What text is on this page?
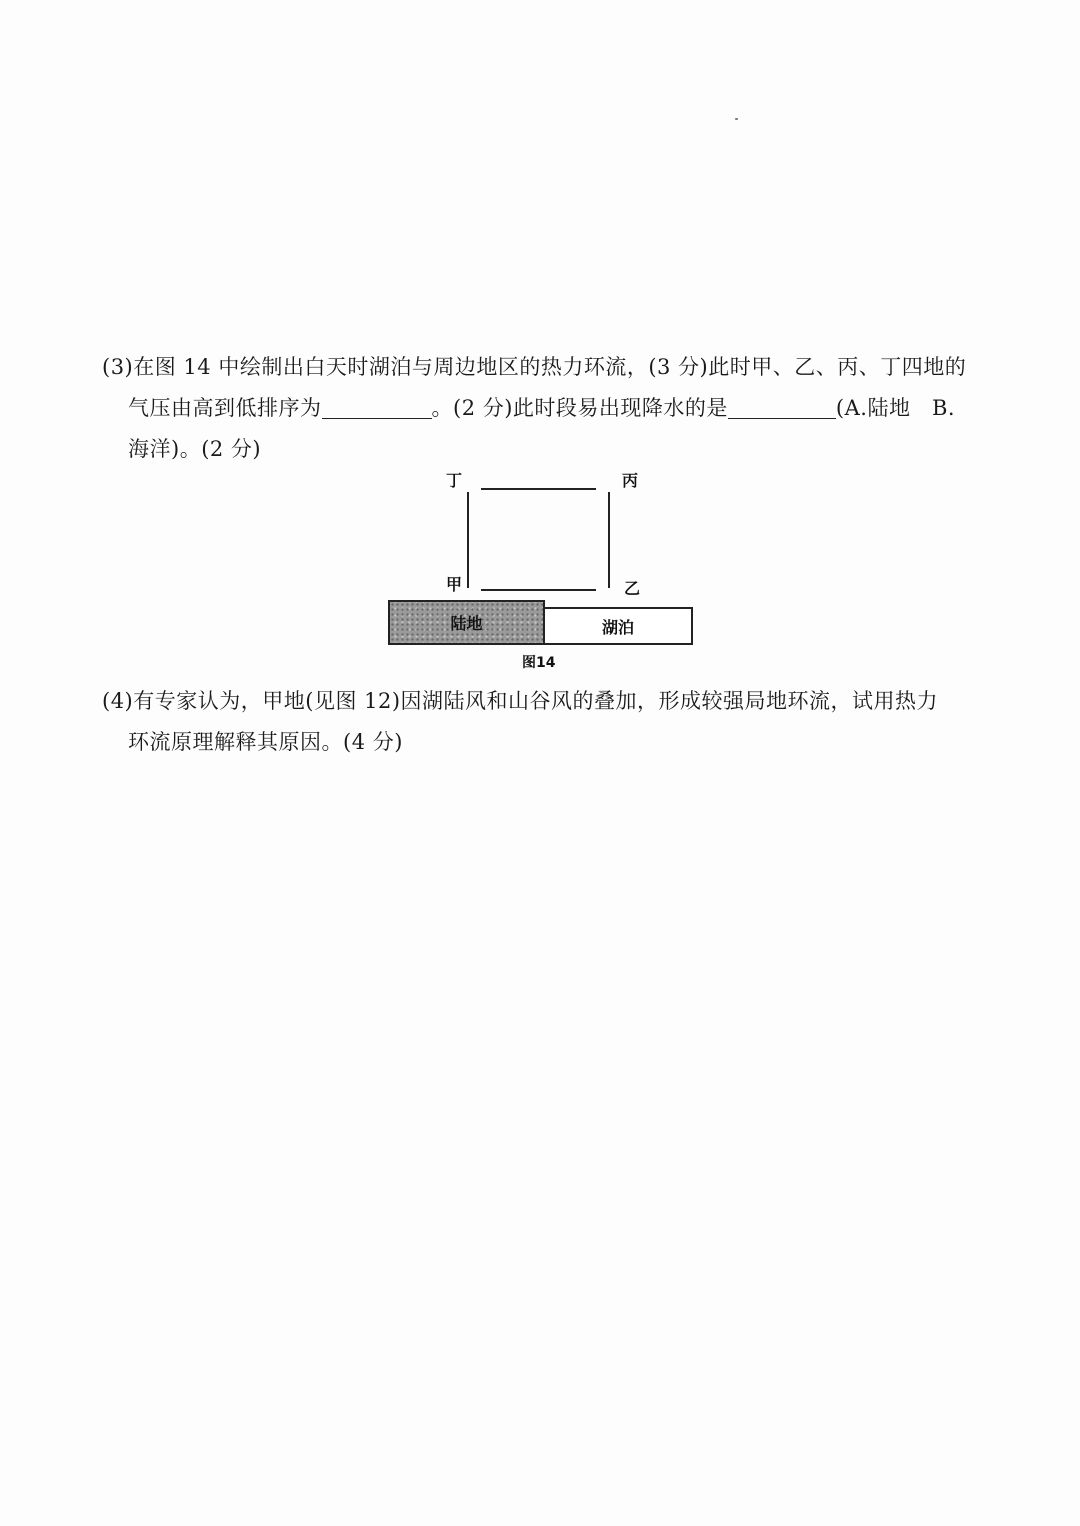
(3)在图 14 中绘制出白天时湖泊与周边地区的热力环流，(3 分)此时甲、乙、丙、丁四地的
气压由高到低排序为	。(2 分)此时段易出现降水的是	(A.陆地　B.
海洋)。(2 分)
丁	丙
甲	乙
陆地	湖泊
图14
(4)有专家认为，甲地(见图 12)因湖陆风和山谷风的叠加，形成较强局地环流，试用热力
环流原理解释其原因。(4 分)
